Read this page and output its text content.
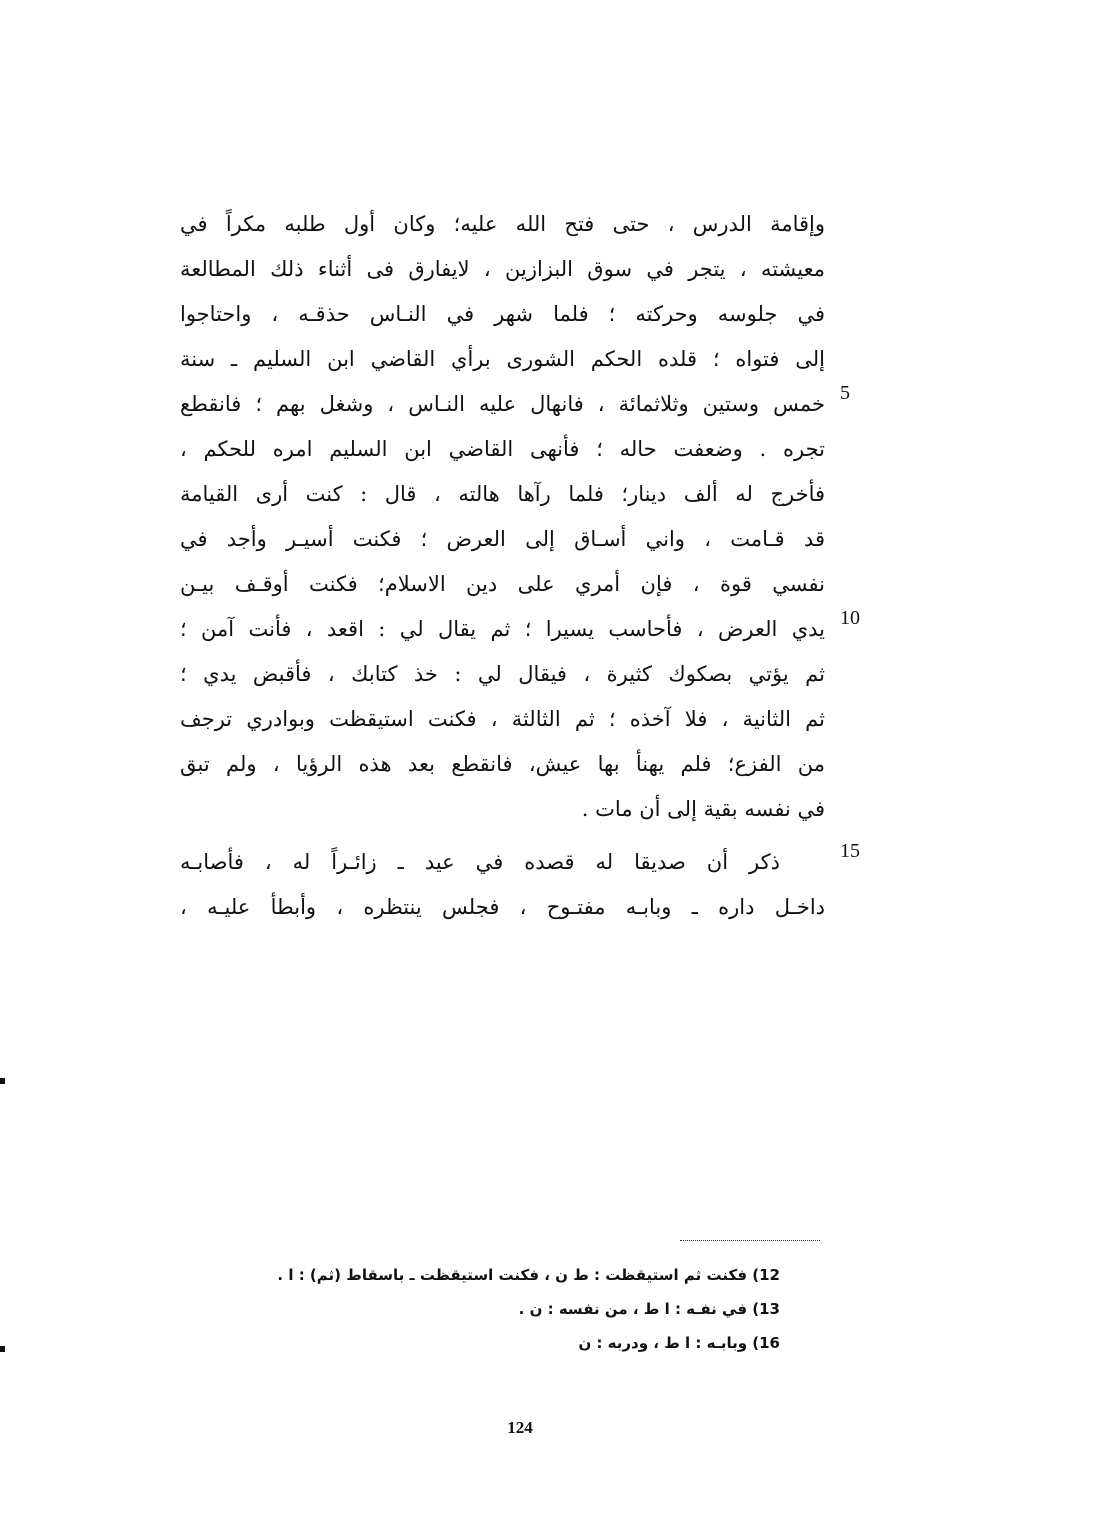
وإقامة الدرس ، حتى فتح الله عليه؛ وكان أول طلبه مكراً في
معيشته ، يتجر في سوق البزازين ، لايفارق فى أثناء ذلك المطالعة
في جلوسه وحركته ؛ فلما شهر في النـاس حذقـه ، واحتاجوا
إلى فتواه ؛ قلده الحكم الشورى برأي القاضي ابن السليم ـ سنة
خمس وستين وثلاثمائة ، فانهال عليه النـاس ، وشغل بهم ؛ فانقطع
تجره . وضعفت حاله ؛ فأنهى القاضي ابن السليم امره للحكم ،
فأخرج له ألف دينار؛ فلما رآها هالته ، قال : كنت أرى القيامة
قد قـامت ، واني أسـاق إلى العرض ؛ فكنت أسيـر وأجد في
نفسي قوة ، فإن أمري على دين الاسلام؛ فكنت أوقـف بيـن
يدي العرض ، فأحاسب يسيرا ؛ ثم يقال لي : اقعد ، فأنت آمن ؛
ثم يؤتي بصكوك كثيرة ، فيقال لي : خذ كتابك ، فأقبض يدي ؛
ثم الثانية ، فلا آخذه ؛ ثم الثالثة ، فكنت استيقظت وبوادري ترجف
من الفزع؛ فلم يهنأ بها عيش، فانقطع بعد هذه الرؤيا ، ولم تبق
في نفسه بقية إلى أن مات .
ذكر أن صديقا له قصده في عيد ـ زائـراً له ، فأصابـه
داخـل داره ـ وبابـه مفتـوح ، فجلس ينتظره ، وأبطأ عليـه ،
5
10
15
12) فكنت ثم استيقظت : ط ن ، فكنت استيقظت ـ باسقاط (ثم) : ا .
13) في نفـه : ا ط ، من نفسه : ن .
16) وبابـه : ا ط ، ودربه : ن
124
